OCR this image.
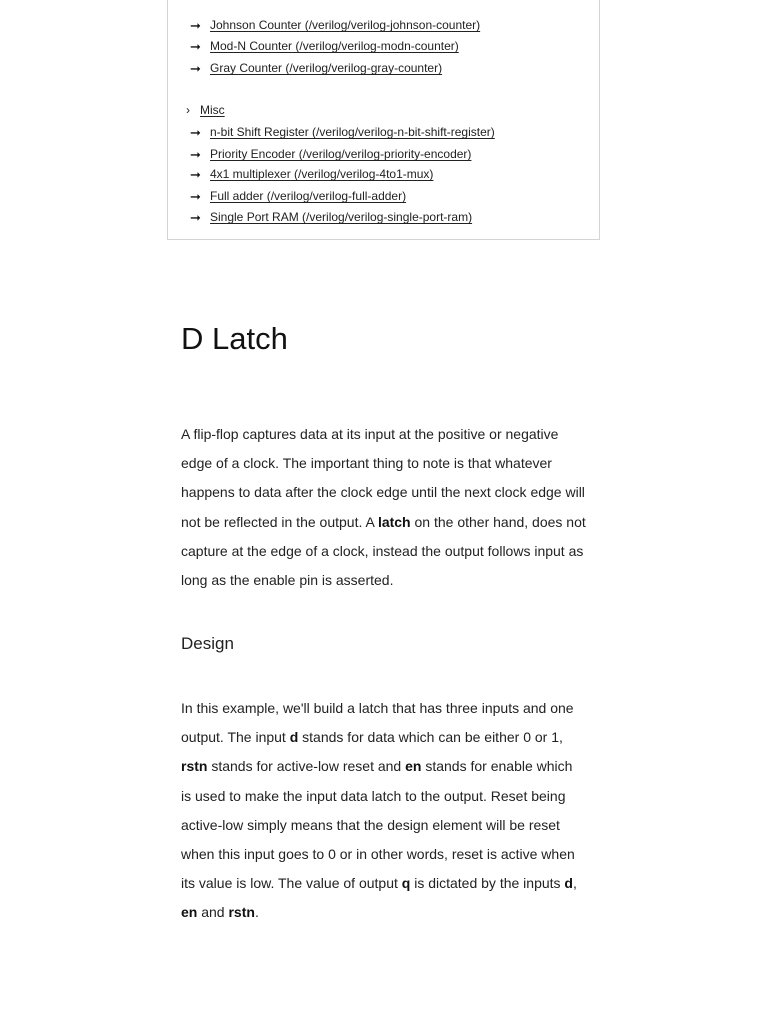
➞ Johnson Counter (/verilog/verilog-johnson-counter)
➞ Mod-N Counter (/verilog/verilog-modn-counter)
➞ Gray Counter (/verilog/verilog-gray-counter)
› Misc
➞ n-bit Shift Register (/verilog/verilog-n-bit-shift-register)
➞ Priority Encoder (/verilog/verilog-priority-encoder)
➞ 4x1 multiplexer (/verilog/verilog-4to1-mux)
➞ Full adder (/verilog/verilog-full-adder)
➞ Single Port RAM (/verilog/verilog-single-port-ram)
D Latch

A flip-flop captures data at its input at the positive or negative edge of a clock. The important thing to note is that whatever happens to data after the clock edge until the next clock edge will not be reflected in the output. A latch on the other hand, does not capture at the edge of a clock, instead the output follows input as long as the enable pin is asserted.

Design

In this example, we'll build a latch that has three inputs and one output. The input d stands for data which can be either 0 or 1, rstn stands for active-low reset and en stands for enable which is used to make the input data latch to the output. Reset being active-low simply means that the design element will be reset when this input goes to 0 or in other words, reset is active when its value is low. The value of output q is dictated by the inputs d, en and rstn.
